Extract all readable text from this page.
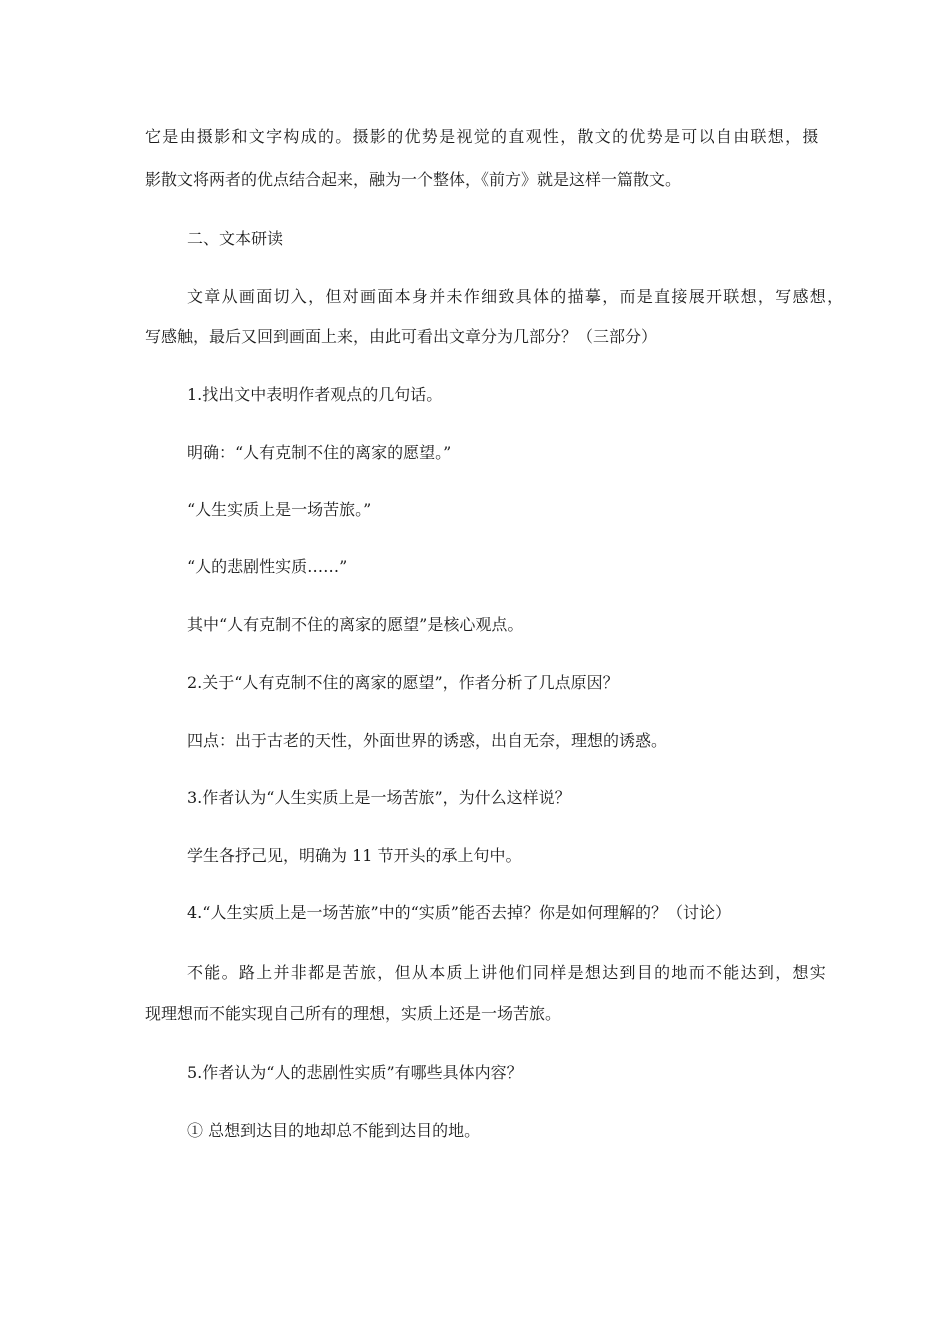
它是由摄影和文字构成的。摄影的优势是视觉的直观性，散文的优势是可以自由联想，摄
影散文将两者的优点结合起来，融为一个整体，《前方》就是这样一篇散文。
二、文本研读
文章从画面切入，但对画面本身并未作细致具体的描摹，而是直接展开联想，写感想，
写感触，最后又回到画面上来，由此可看出文章分为几部分？（三部分）
1.找出文中表明作者观点的几句话。
明确：“人有克制不住的离家的愿望。”
“人生实质上是一场苦旅。”
“人的悲剧性实质……”
其中“人有克制不住的离家的愿望”是核心观点。
2.关于“人有克制不住的离家的愿望”，作者分析了几点原因？
四点：出于古老的天性，外面世界的诱惑，出自无奈，理想的诱惑。
3.作者认为“人生实质上是一场苦旅”，为什么这样说？
学生各抒己见，明确为 11 节开头的承上句中。
4.“人生实质上是一场苦旅”中的“实质”能否去掉？你是如何理解的？（讨论）
不能。路上并非都是苦旅，但从本质上讲他们同样是想达到目的地而不能达到，想实
现理想而不能实现自己所有的理想，实质上还是一场苦旅。
5.作者认为“人的悲剧性实质”有哪些具体内容？
① 总想到达目的地却总不能到达目的地。
